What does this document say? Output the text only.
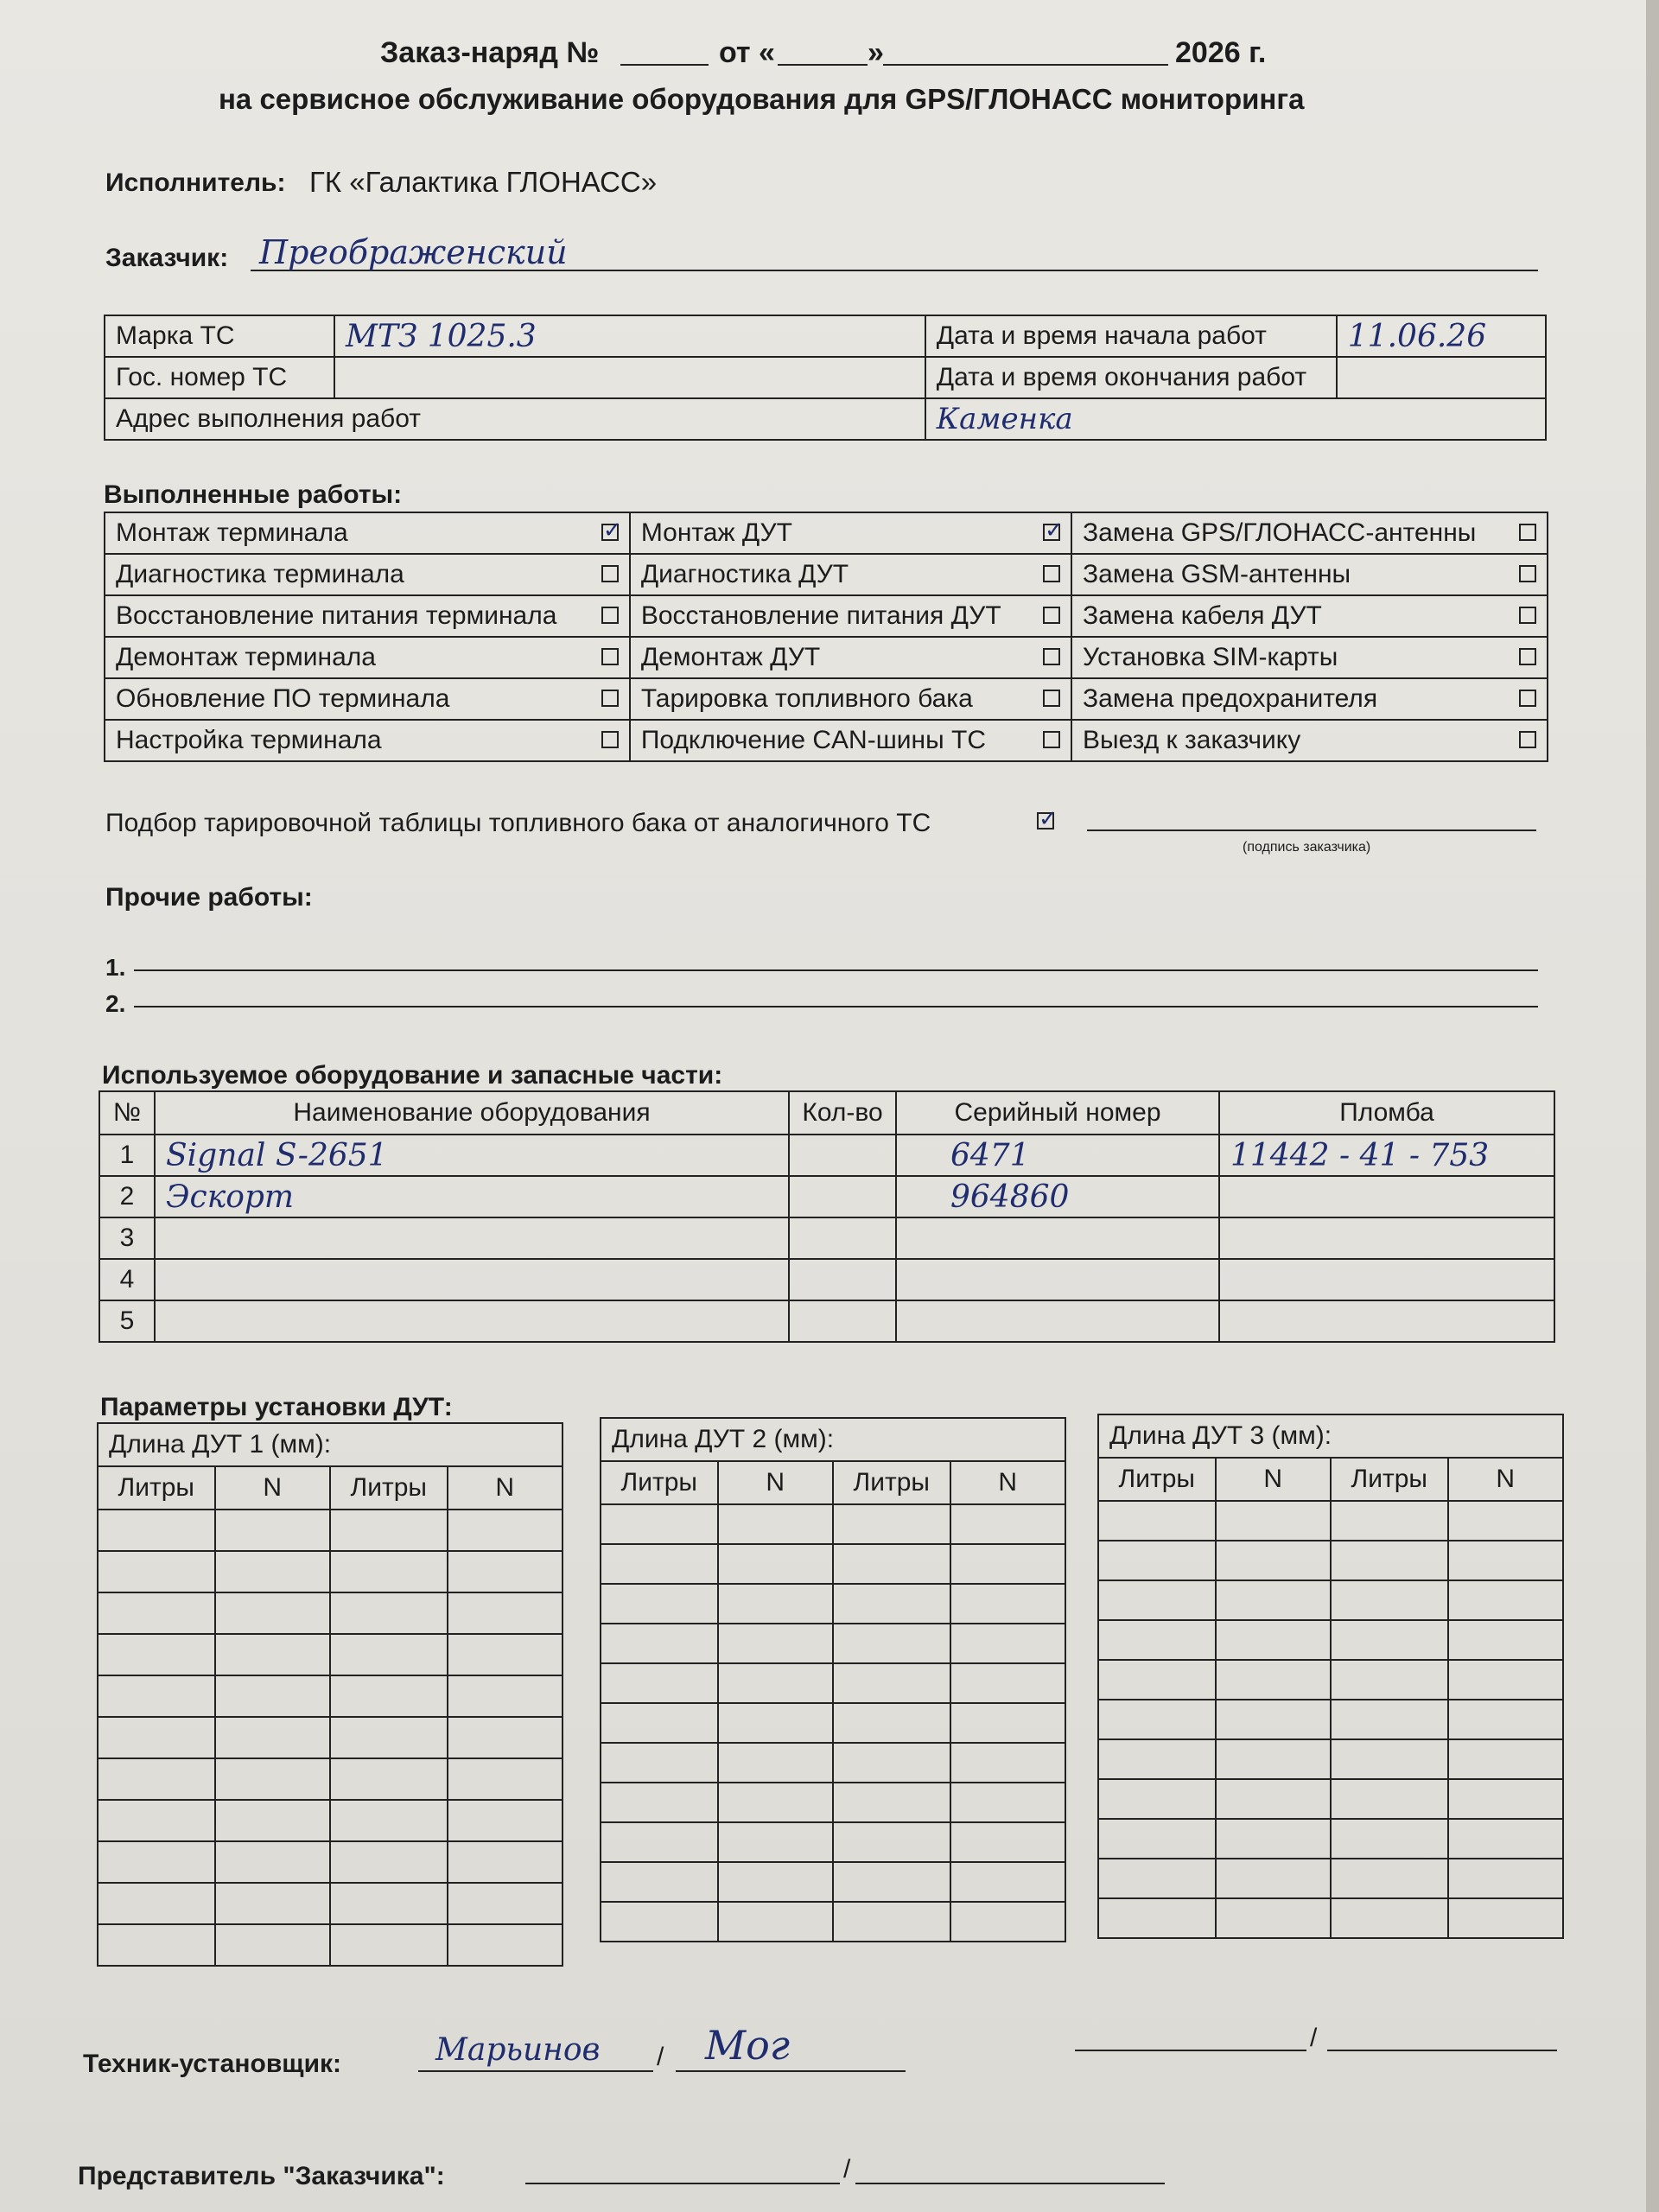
Заказ-наряд №	от «	»	2026 г.
на сервисное обслуживание оборудования для GPS/ГЛОНАСС мониторинга
Исполнитель: ГК «Галактика ГЛОНАСС»
Заказчик: Преображенский
Марка ТС	МТЗ 1025.3	Дата и время начала работ	11.06.26
Гос. номер ТС		Дата и время окончания работ	
Адрес выполнения работ		Каменка	
Выполненные работы:
Монтаж терминала	✓	Монтаж ДУТ	✓	Замена GPS/ГЛОНАСС-антенны	
Диагностика терминала		Диагностика ДУТ		Замена GSM-антенны	
Восстановление питания терминала		Восстановление питания ДУТ		Замена кабеля ДУТ	
Демонтаж терминала		Демонтаж ДУТ		Установка SIM-карты	
Обновление ПО терминала		Тарировка топливного бака		Замена предохранителя	
Настройка терминала		Подключение CAN-шины ТС		Выезд к заказчику	
Подбор тарировочной таблицы топливного бака от аналогичного ТС
✓
(подпись заказчика)
Прочие работы:
1.
2.
Используемое оборудование и запасные части:
№	Наименование оборудования	Кол-во	Серийный номер	Пломба
1	Signal S-2651		6471	11442 - 41 - 753
2	Эскорт		964860	
3				
4				
5				
Параметры установки ДУТ:
Длина ДУТ 1 (мм):			
Литры	N	Литры	N

Длина ДУТ 2 (мм):			
Литры	N	Литры	N

Длина ДУТ 3 (мм):			
Литры	N	Литры	N

Техник-установщик:	Марьинов / Мог	/
Представитель "Заказчика":	/
